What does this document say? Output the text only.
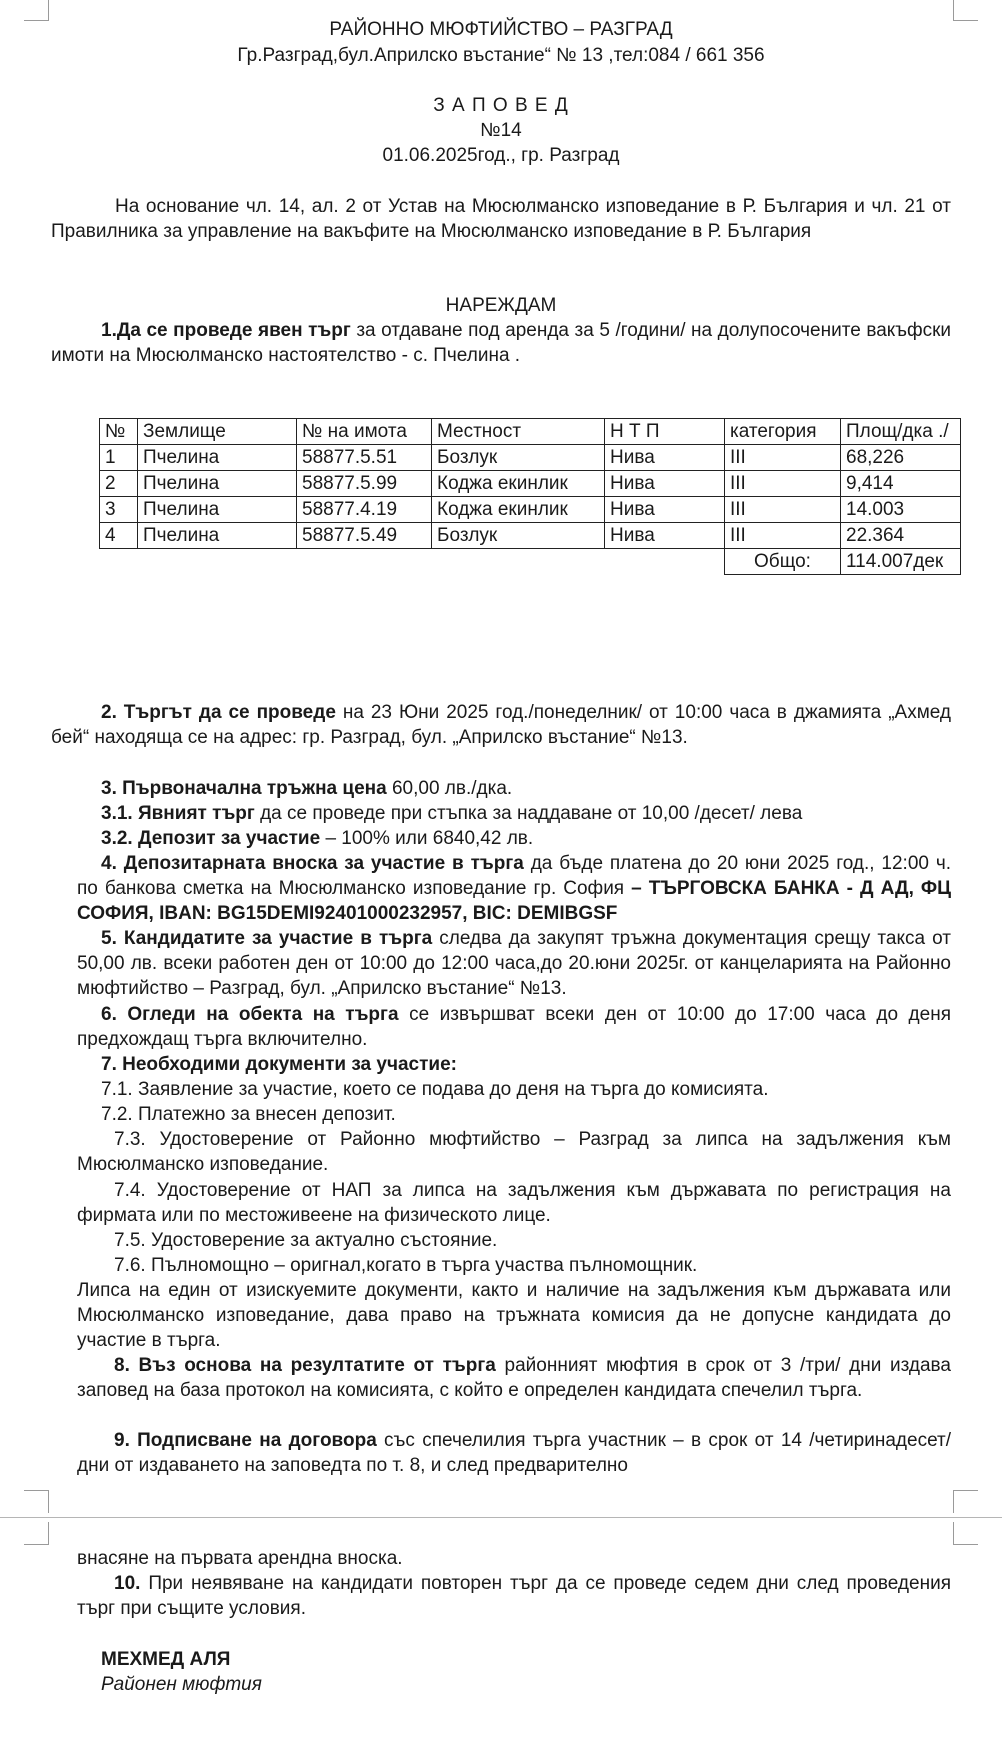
РАЙОННО МЮФТИЙСТВО – РАЗГРАД
Гр.Разград,бул.Априлско въстание“ № 13 ,тел:084 / 661 356
З А П О В Е Д
№14
01.06.2025год., гр. Разград
На основание чл. 14, ал. 2 от Устав на Мюсюлманско изповедание в Р. България и чл. 21 от Правилника за управление на вакъфите на Мюсюлманско изповедание в Р. България
НАРЕЖДАМ
1.Да се проведе явен търг за отдаване под аренда за 5 /години/ на долупосочените вакъфски имоти на Мюсюлманско настоятелство - с. Пчелина .
№	Землище	№ на имота	Местност	Н Т П	категория	Площ/дка ./
1	Пчелина	58877.5.51	Бозлук	Нива	III	68,226
2	Пчелина	58877.5.99	Коджа екинлик	Нива	III	9,414
3	Пчелина	58877.4.19	Коджа екинлик	Нива	III	14.003
4	Пчелина	58877.5.49	Бозлук	Нива	III	22.364
					Общо:	114.007дек
2. Търгът да се проведе на 23 Юни 2025 год./понеделник/ от 10:00 часа в джамията „Ахмед бей“ находяща се на адрес: гр. Разград, бул. „Априлско въстание“ №13.
3. Първоначална тръжна цена 60,00 лв./дка.
3.1. Явният търг да се проведе при стъпка за наддаване от 10,00 /десет/ лева
3.2. Депозит за участие – 100% или 6840,42 лв.
4. Депозитарната вноска за участие в търга да бъде платена до 20 юни 2025 год., 12:00 ч. по банкова сметка на Мюсюлманско изповедание гр. София – ТЪРГОВСКА БАНКА - Д АД, ФЦ СОФИЯ, IBAN: BG15DEMI92401000232957, BIC: DEMIBGSF
5. Кандидатите за участие в търга следва да закупят тръжна документация срещу такса от 50,00 лв. всеки работен ден от 10:00 до 12:00 часа,до 20.юни 2025г. от канцеларията на Районно мюфтийство – Разград, бул. „Априлско въстание“ №13.
6. Огледи на обекта на търга се извършват всеки ден от 10:00 до 17:00 часа до деня предхождащ търга включително.
7. Необходими документи за участие:
7.1. Заявление за участие, което се подава до деня на търга до комисията.
7.2. Платежно за внесен депозит.
7.3. Удостоверение от Районно мюфтийство – Разград за липса на задължения към Мюсюлманско изповедание.
7.4. Удостоверение от НАП за липса на задължения към държавата по регистрация на фирмата или по местоживеене на физическото лице.
7.5. Удостоверение за актуално състояние.
7.6. Пълномощно – оригнал,когато в търга участва пълномощник.
Липса на един от изискуемите документи, както и наличие на задължения към държавата или Мюсюлманско изповедание, дава право на тръжната комисия да не допусне кандидата до участие в търга.
8. Въз основа на резултатите от търга районният мюфтия в срок от 3 /три/ дни издава заповед на база протокол на комисията, с който е определен кандидата спечелил търга.
9. Подписване на договора със спечелилия търга участник – в срок от 14 /четиринадесет/ дни от издаването на заповедта по т. 8, и след предварително
внасяне на първата арендна вноска.
10. При неявяване на кандидати повторен търг да се проведе седем дни след проведения търг при същите условия.
МЕХМЕД АЛЯ
Районен мюфтия
